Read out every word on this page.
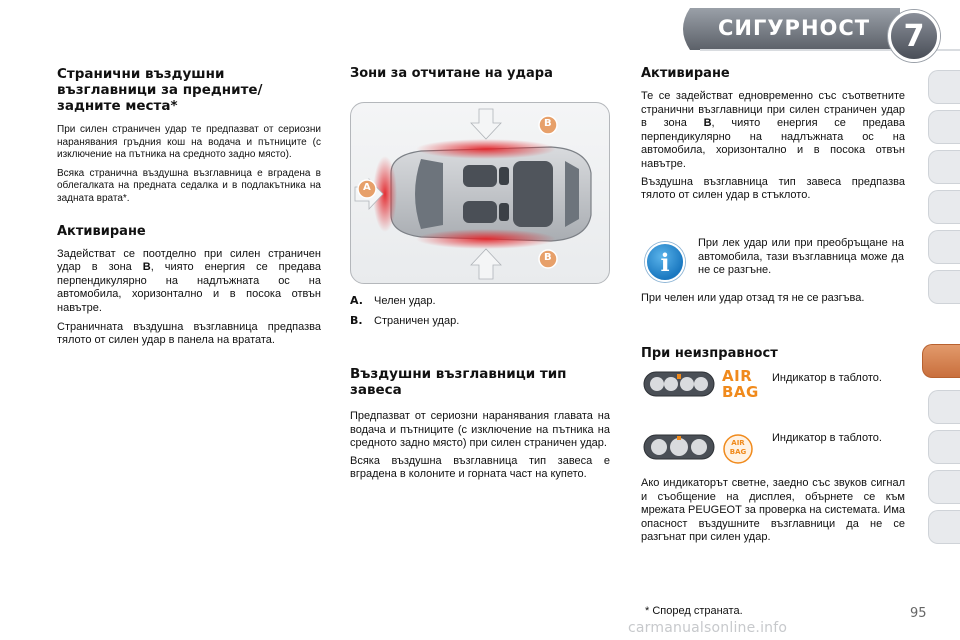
СИГУРНОСТ 7
Странични въздушни възглавници за предните/ задните места*
При силен страничен удар те предпазват от сериозни наранявания гръдния кош на водача и пътниците (с изключение на пътника на средното задно място).
Всяка странична въздушна възглавница е вградена в облегалката на предната седалка и в подлакътника на задната врата*.
Активиране
Задействат се поотделно при силен страничен удар в зона B, чиято енергия се предава перпендикулярно на надлъжната ос на автомобила, хоризонтално и в посока отвън навътре.
Страничната въздушна възглавница предпазва тялото от силен удар в панела на вратата.
Зони за отчитане на удара
B
B
A
A.	Челен удар.
B.	Страничен удар.
Въздушни възглавници тип завеса
Предпазват от сериозни наранявания главата на водача и пътниците (с изключение на пътника на средното задно място) при силен страничен удар.
Всяка въздушна възглавница тип завеса е вградена в колоните и горната част на купето.
Активиране
Те се задействат едновременно със съответните странични възглавници при силен страничен удар в зона B, чиято енергия се предава перпендикулярно на надлъжната ос на автомобила, хоризонтално и в посока отвън навътре.
Въздушна възглавница тип завеса предпазва тялото от силен удар в стъклото.
i
При лек удар или при преобръщане на автомобила, тази възглавница може да не се разгъне.
При челен или удар отзад тя не се разгъва.
При неизправност
AIR
BAG
Индикатор в таблото.
AIR
BAG
Индикатор в таблото.
Ако индикаторът светне, заедно със звуков сигнал и съобщение на дисплея, обърнете се към мрежата PEUGEOT за проверка на системата. Има опасност въздушните възглавници да не се разгънат при силен удар.
* Според страната.	95
carmanualsonline.info
